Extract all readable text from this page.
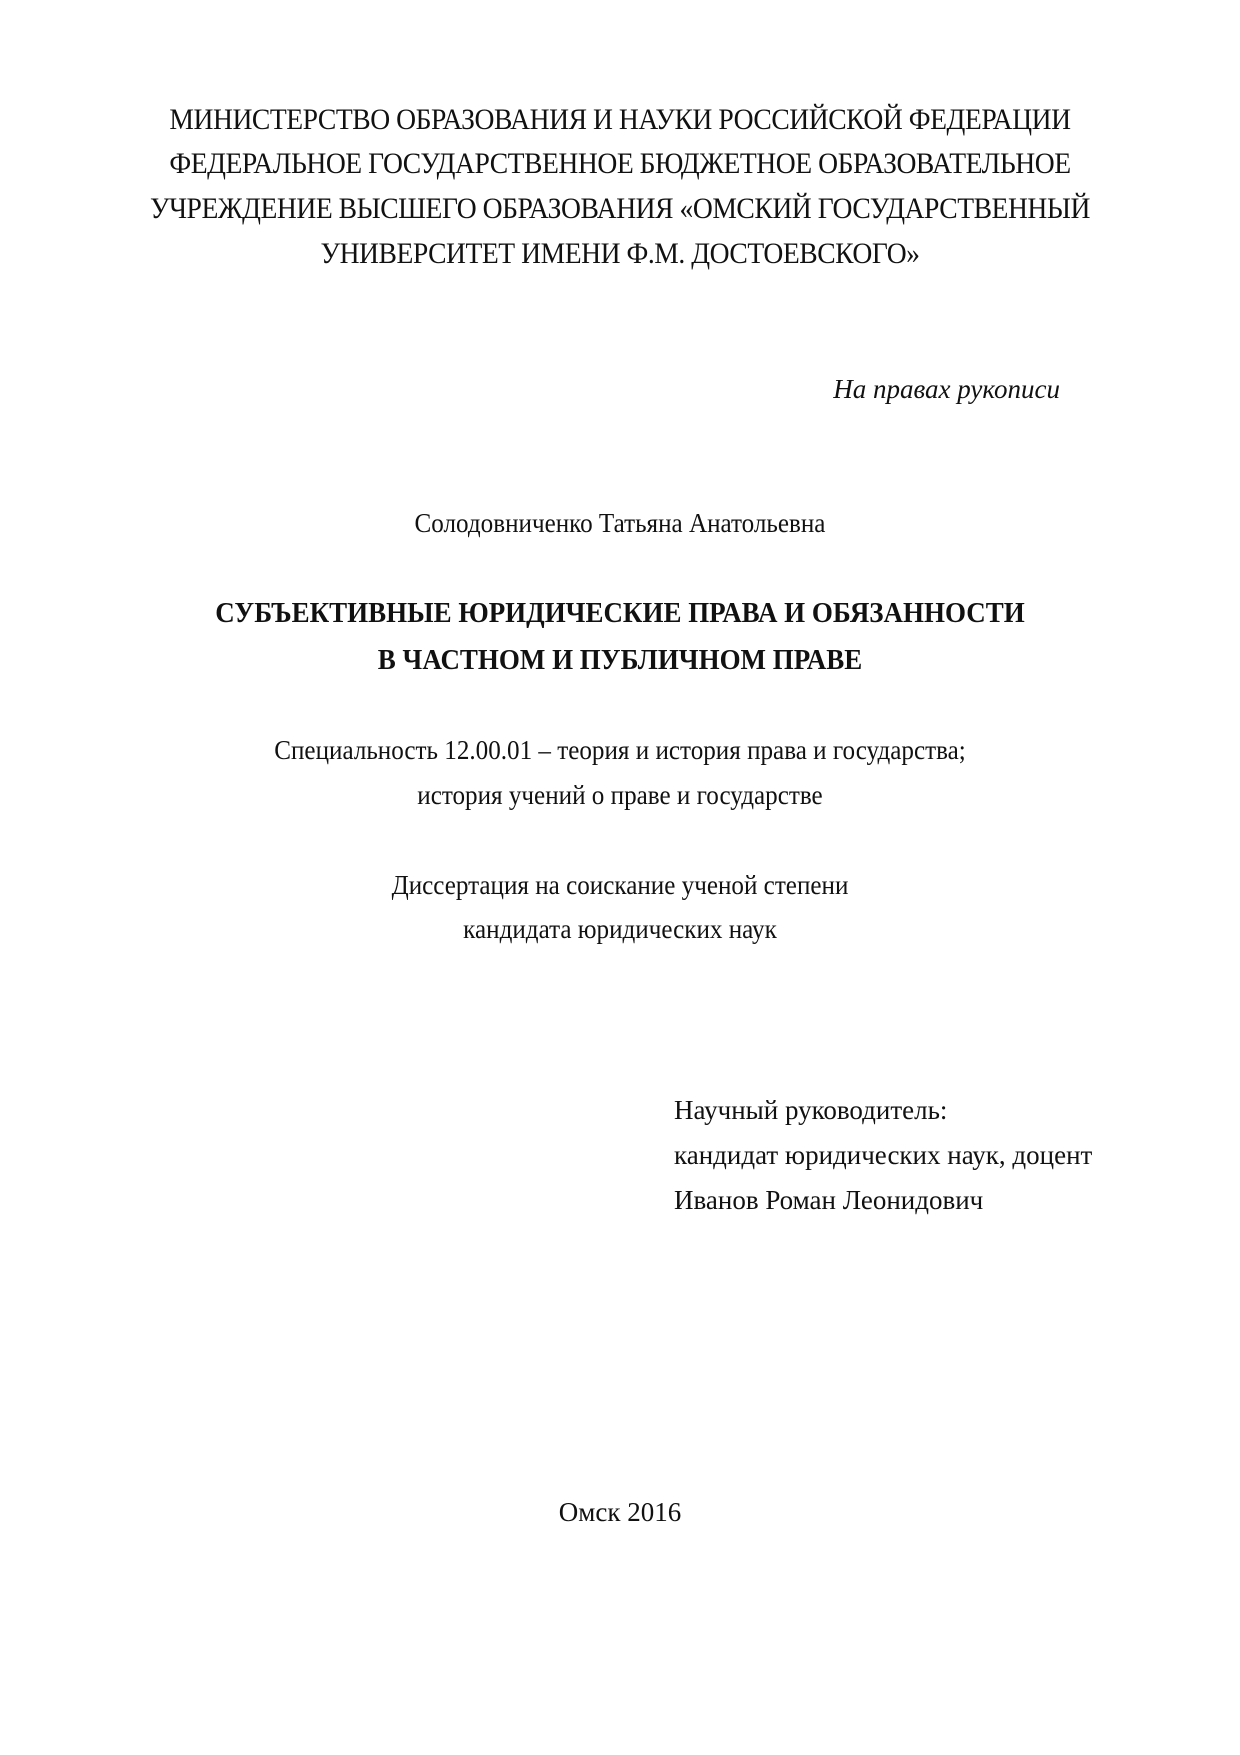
МИНИСТЕРСТВО ОБРАЗОВАНИЯ И НАУКИ РОССИЙСКОЙ ФЕДЕРАЦИИ
ФЕДЕРАЛЬНОЕ ГОСУДАРСТВЕННОЕ БЮДЖЕТНОЕ ОБРАЗОВАТЕЛЬНОЕ
УЧРЕЖДЕНИЕ ВЫСШЕГО ОБРАЗОВАНИЯ «ОМСКИЙ ГОСУДАРСТВЕННЫЙ
УНИВЕРСИТЕТ ИМЕНИ Ф.М. ДОСТОЕВСКОГО»
На правах рукописи
Солодовниченко Татьяна Анатольевна
СУБЪЕКТИВНЫЕ ЮРИДИЧЕСКИЕ ПРАВА И ОБЯЗАННОСТИ
В ЧАСТНОМ И ПУБЛИЧНОМ ПРАВЕ
Специальность 12.00.01 – теория и история права и государства;
история учений о праве и государстве
Диссертация на соискание ученой степени
кандидата юридических наук
Научный руководитель:
кандидат юридических наук, доцент
Иванов Роман Леонидович
Омск 2016
